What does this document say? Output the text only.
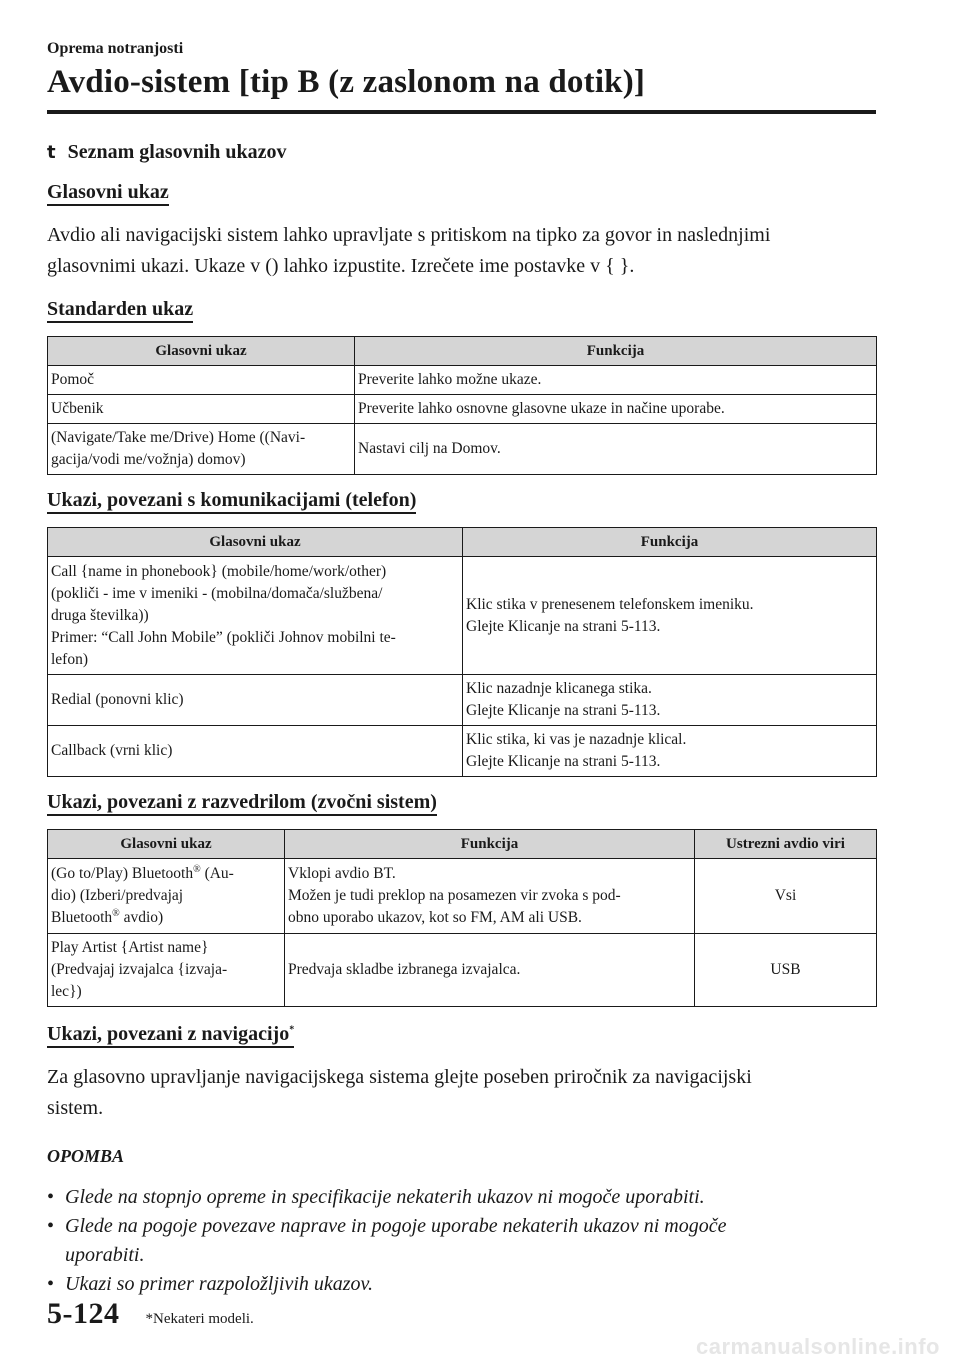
Oprema notranjosti

Avdio-sistem [tip B (z zaslonom na dotik)]
t Seznam glasovnih ukazov
Glasovni ukaz

Avdio ali navigacijski sistem lahko upravljate s pritiskom na tipko za govor in naslednjimi

glasovnimi ukazi. Ukaze v () lahko izpustite. Izrečete ime postavke v { }.

Standarden ukaz
Glasovni ukaz	Funkcija

Pomoč	Preverite lahko možne ukaze.

Učbenik	Preverite lahko osnovne glasovne ukaze in načine uporabe.

(Navigate/Take me/Drive) Home ((Navi-
gacija/vodi me/vožnja) domov)	Nastavi cilj na Domov.
Ukazi, povezani s komunikacijami (telefon)
Glasovni ukaz	Funkcija

Call {name in phonebook} (mobile/home/work/other)
(pokliči - ime v imeniki - (mobilna/domača/službena/
druga številka))
Primer: “Call John Mobile” (pokliči Johnov mobilni te-
lefon)	Klic stika v prenesenem telefonskem imeniku.
Glejte Klicanje na strani 5-113.

Redial (ponovni klic)	Klic nazadnje klicanega stika.
Glejte Klicanje na strani 5-113.

Callback (vrni klic)	Klic stika, ki vas je nazadnje klical.
Glejte Klicanje na strani 5-113.
Ukazi, povezani z razvedrilom (zvočni sistem)
Glasovni ukaz	Funkcija	Ustrezni avdio viri

(Go to/Play) Bluetooth® (Au-
dio) (Izberi/predvajaj
Bluetooth® avdio)	Vklopi avdio BT.
Možen je tudi preklop na posamezen vir zvoka s pod-
obno uporabo ukazov, kot so FM, AM ali USB.	Vsi

Play Artist {Artist name}
(Predvajaj izvajalca {izvaja-
lec})	Predvaja skladbe izbranega izvajalca.	USB
Ukazi, povezani z navigacijo*

Za glasovno upravljanje navigacijskega sistema glejte poseben priročnik za navigacijski

sistem.

OPOMBA

• Glede na stopnjo opreme in specifikacije nekaterih ukazov ni mogoče uporabiti.
• Glede na pogoje povezave naprave in pogoje uporabe nekaterih ukazov ni mogoče
uporabiti.
• Ukazi so primer razpoložljivih ukazov.
5-124 *Nekateri modeli.
carmanualsonline.info
